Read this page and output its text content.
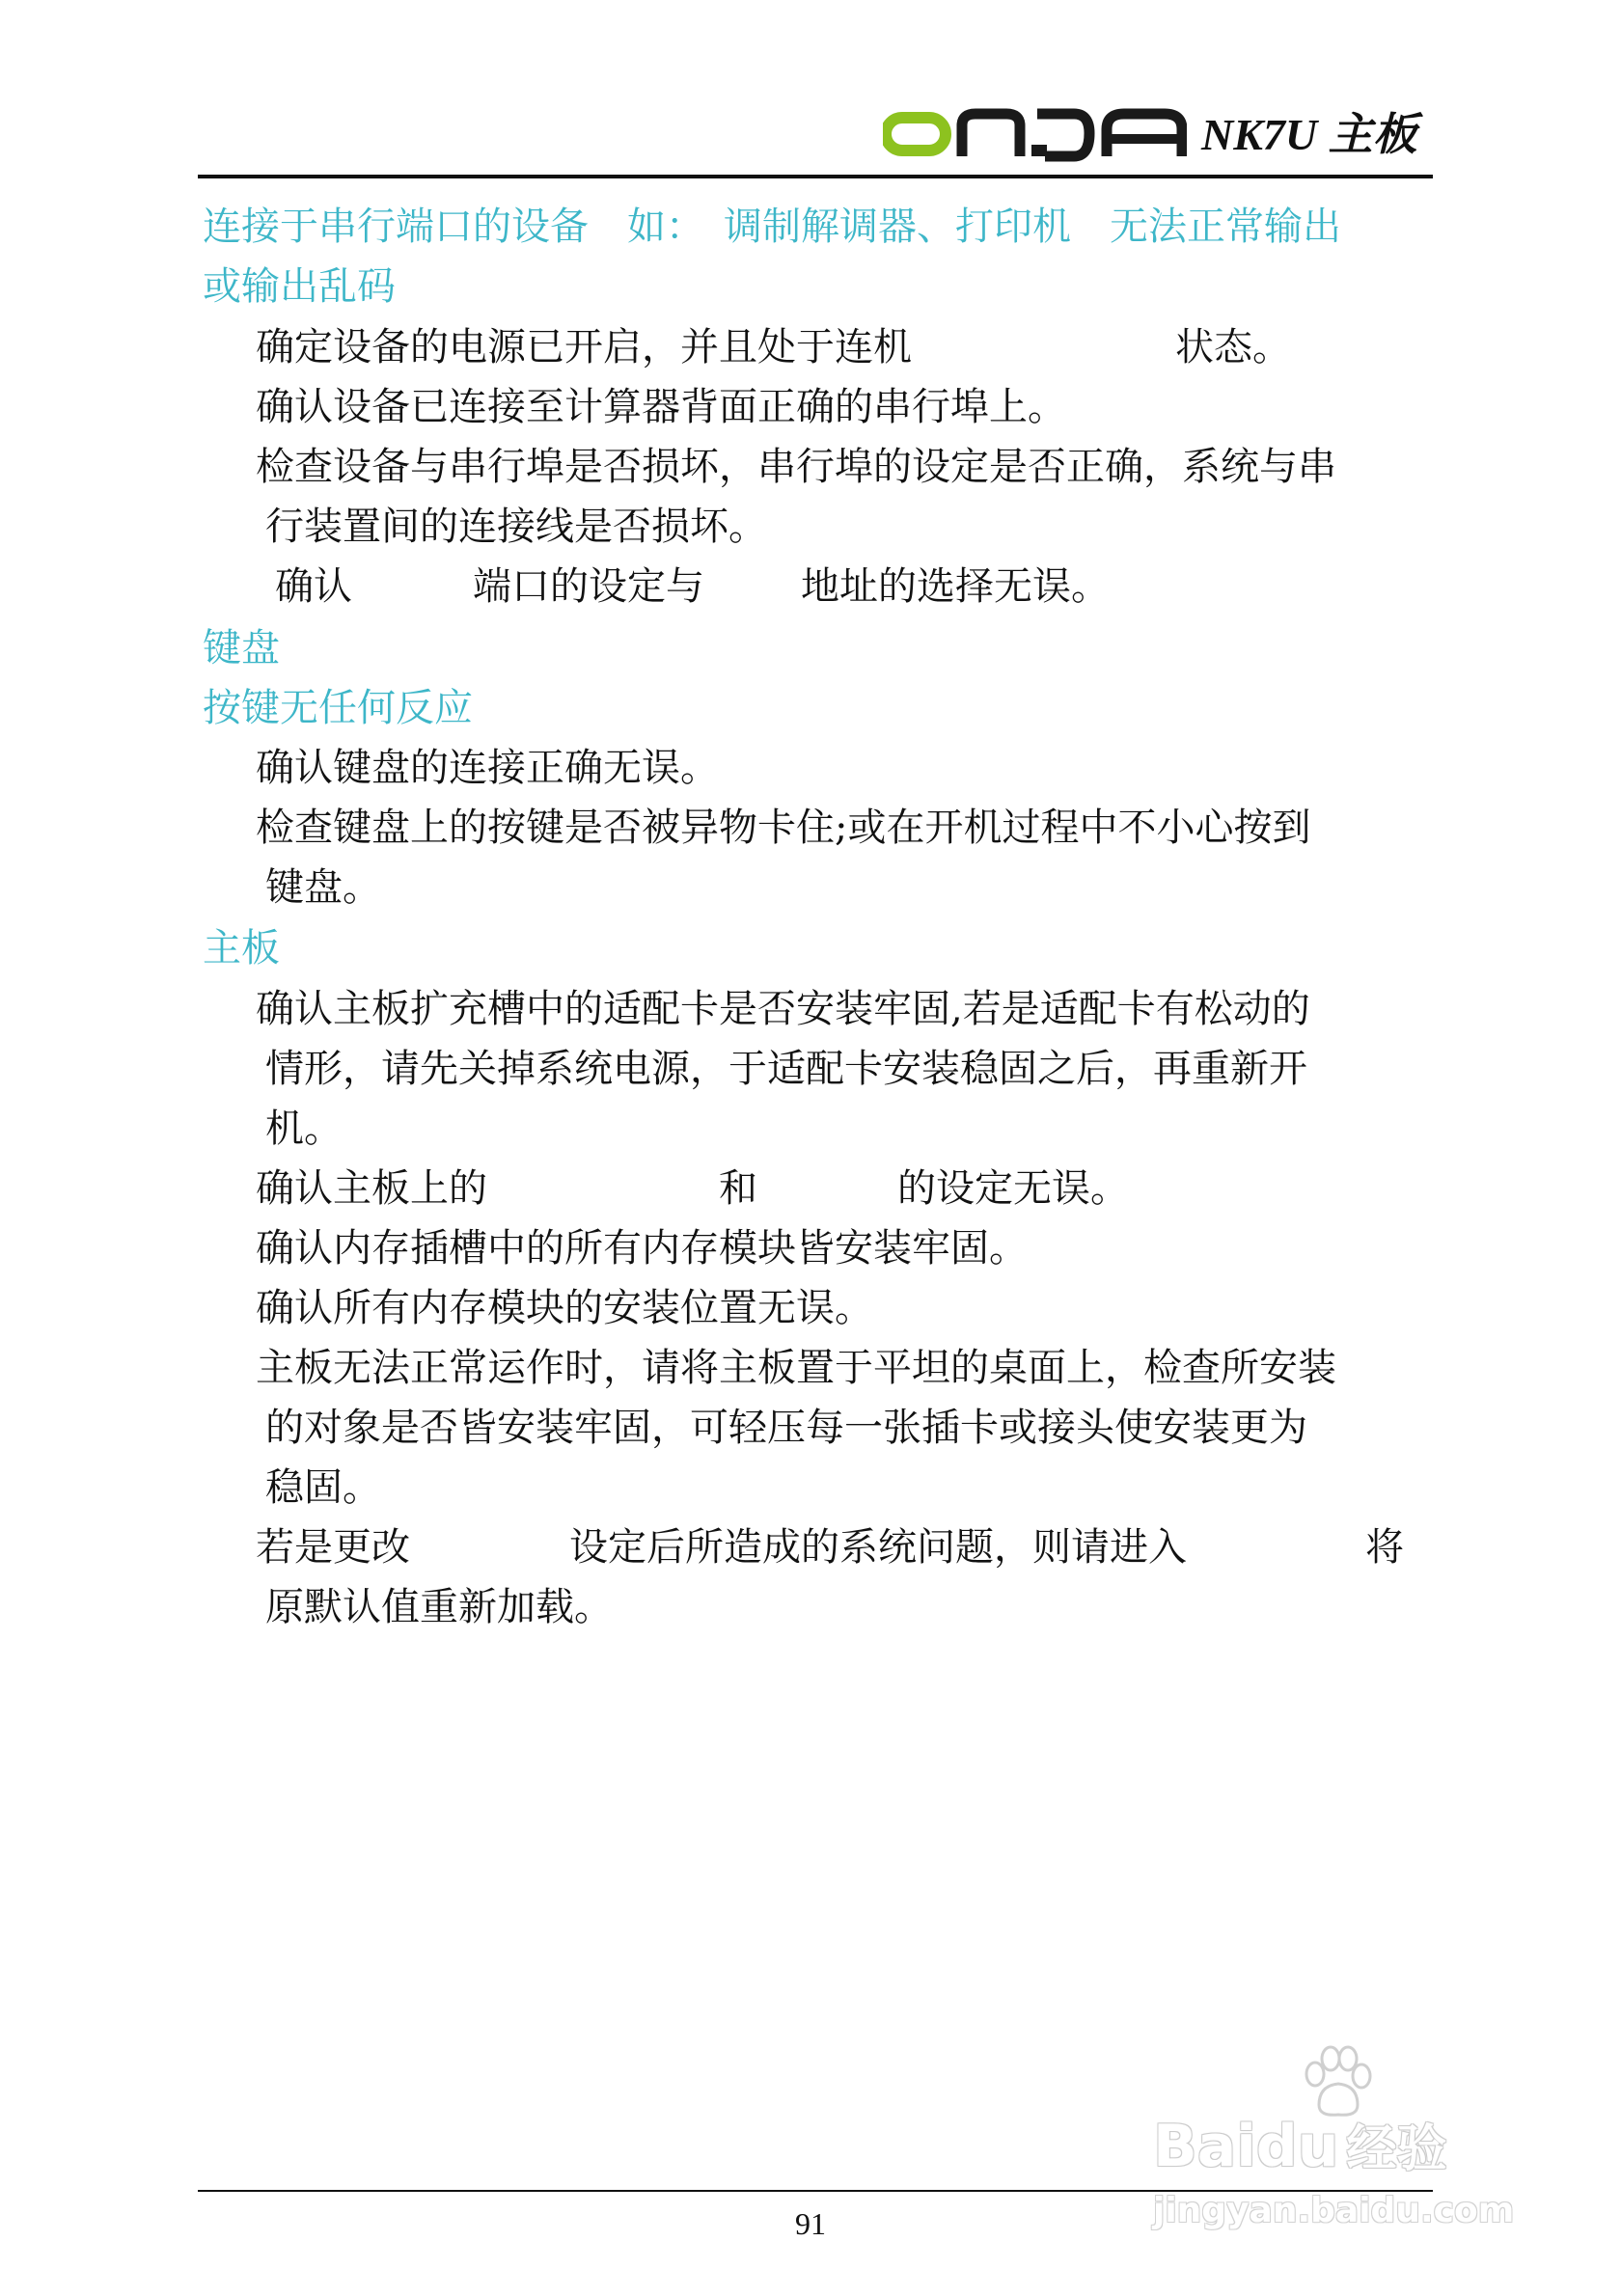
NK7U 主板
连接于串行端口的设备　如：　调制解调器、打印机　无法正常输出
或输出乱码
确定设备的电源已开启，并且处于连机	状态。
确认设备已连接至计算器背面正确的串行埠上。
检查设备与串行埠是否损坏，串行埠的设定是否正确，系统与串
行装置间的连接线是否损坏。
确认	端口的设定与	地址的选择无误。
键盘
按键无任何反应
确认键盘的连接正确无误。
检查键盘上的按键是否被异物卡住;或在开机过程中不小心按到
键盘。
主板
确认主板扩充槽中的适配卡是否安装牢固,若是适配卡有松动的
情形，请先关掉系统电源，于适配卡安装稳固之后，再重新开
机。
确认主板上的	和	的设定无误。
确认内存插槽中的所有内存模块皆安装牢固。
确认所有内存模块的安装位置无误。
主板无法正常运作时，请将主板置于平坦的桌面上，检查所安装
的对象是否皆安装牢固，可轻压每一张插卡或接头使安装更为
稳固。
若是更改	设定后所造成的系统问题，则请进入	将
原默认值重新加载。
91
Baidu 经验
jingyan.baidu.com
